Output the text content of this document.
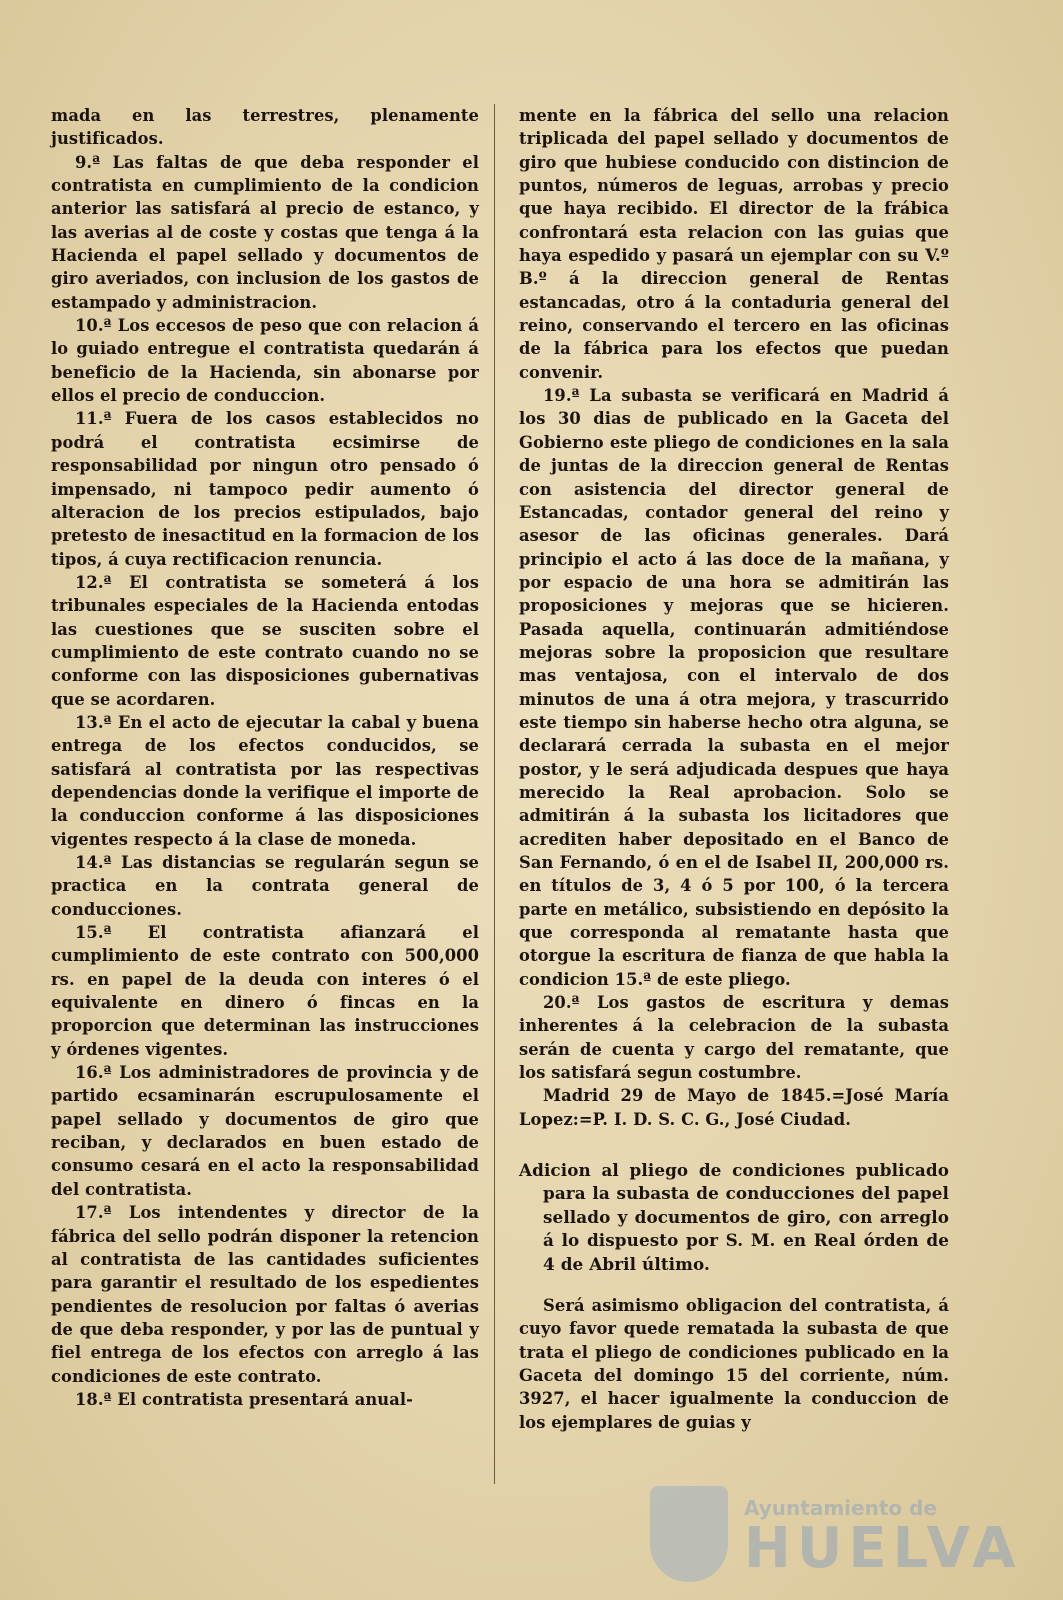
mada en las terrestres, plenamente justificados.

9.ª Las faltas de que deba responder el contratista en cumplimiento de la condicion anterior las satisfará al precio de estanco, y las averias al de coste y costas que tenga á la Hacienda el papel sellado y documentos de giro averiados, con inclusion de los gastos de estampado y administracion.

10.ª Los eccesos de peso que con relacion á lo guiado entregue el contratista quedarán á beneficio de la Hacienda, sin abonarse por ellos el precio de conduccion.

11.ª Fuera de los casos establecidos no podrá el contratista ecsimirse de responsabilidad por ningun otro pensado ó impensado, ni tampoco pedir aumento ó alteracion de los precios estipulados, bajo pretesto de inesactitud en la formacion de los tipos, á cuya rectificacion renuncia.

12.ª El contratista se someterá á los tribunales especiales de la Hacienda entodas las cuestiones que se susciten sobre el cumplimiento de este contrato cuando no se conforme con las disposiciones gubernativas que se acordaren.

13.ª En el acto de ejecutar la cabal y buena entrega de los efectos conducidos, se satisfará al contratista por las respectivas dependencias donde la verifique el importe de la conduccion conforme á las disposiciones vigentes respecto á la clase de moneda.

14.ª Las distancias se regularán segun se practica en la contrata general de conducciones.

15.ª El contratista afianzará el cumplimiento de este contrato con 500,000 rs. en papel de la deuda con interes ó el equivalente en dinero ó fincas en la proporcion que determinan las instrucciones y órdenes vigentes.

16.ª Los administradores de provincia y de partido ecsaminarán escrupulosamente el papel sellado y documentos de giro que reciban, y declarados en buen estado de consumo cesará en el acto la responsabilidad del contratista.

17.ª Los intendentes y director de la fábrica del sello podrán disponer la retencion al contratista de las cantidades suficientes para garantir el resultado de los espedientes pendientes de resolucion por faltas ó averias de que deba responder, y por las de puntual y fiel entrega de los efectos con arreglo á las condiciones de este contrato.

18.ª El contratista presentará anual-

mente en la fábrica del sello una relacion triplicada del papel sellado y documentos de giro que hubiese conducido con distincion de puntos, números de leguas, arrobas y precio que haya recibido. El director de la frábica confrontará esta relacion con las guias que haya espedido y pasará un ejemplar con su V.º B.º á la direccion general de Rentas estancadas, otro á la contaduria general del reino, conservando el tercero en las oficinas de la fábrica para los efectos que puedan convenir.

19.ª La subasta se verificará en Madrid á los 30 dias de publicado en la Gaceta del Gobierno este pliego de condiciones en la sala de juntas de la direccion general de Rentas con asistencia del director general de Estancadas, contador general del reino y asesor de las oficinas generales. Dará principio el acto á las doce de la mañana, y por espacio de una hora se admitirán las proposiciones y mejoras que se hicieren. Pasada aquella, continuarán admitiéndose mejoras sobre la proposicion que resultare mas ventajosa, con el intervalo de dos minutos de una á otra mejora, y trascurrido este tiempo sin haberse hecho otra alguna, se declarará cerrada la subasta en el mejor postor, y le será adjudicada despues que haya merecido la Real aprobacion. Solo se admitirán á la subasta los licitadores que acrediten haber depositado en el Banco de San Fernando, ó en el de Isabel II, 200,000 rs. en títulos de 3, 4 ó 5 por 100, ó la tercera parte en metálico, subsistiendo en depósito la que corresponda al rematante hasta que otorgue la escritura de fianza de que habla la condicion 15.ª de este pliego.

20.ª Los gastos de escritura y demas inherentes á la celebracion de la subasta serán de cuenta y cargo del rematante, que los satisfará segun costumbre.

Madrid 29 de Mayo de 1845.=José María Lopez:=P. I. D. S. C. G., José Ciudad.

Adicion al pliego de condiciones publicado para la subasta de conducciones del papel sellado y documentos de giro, con arreglo á lo dispuesto por S. M. en Real órden de 4 de Abril último.

Será asimismo obligacion del contratista, á cuyo favor quede rematada la subasta de que trata el pliego de condiciones publicado en la Gaceta del domingo 15 del corriente, núm. 3927, el hacer igualmente la conduccion de los ejemplares de guias y

Ayuntamiento de
HUELVA
